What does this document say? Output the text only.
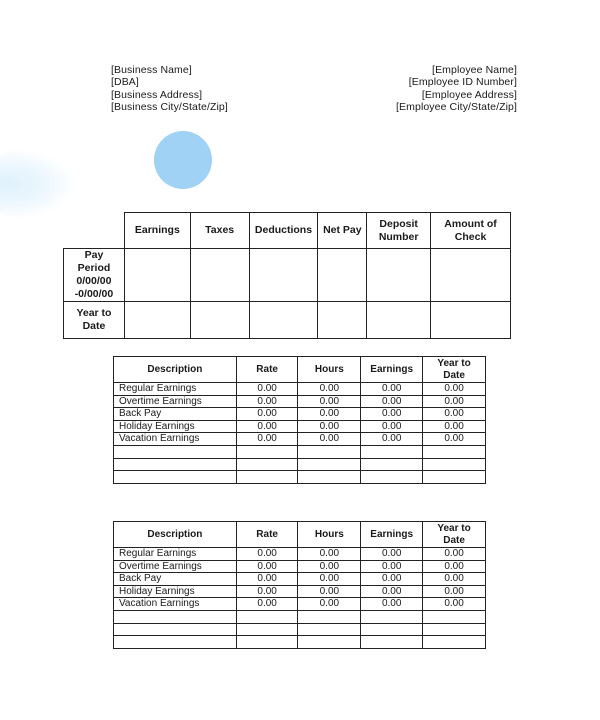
[Business Name]
[DBA]
[Business Address]
[Business City/State/Zip]
[Employee Name]
[Employee ID Number]
[Employee Address]
[Employee City/State/Zip]
	Earnings	Taxes	Deductions	Net Pay	Deposit Number	Amount of Check
Pay Period 0/00/00 -0/00/00						
Year to Date						
Description	Rate	Hours	Earnings	Year to Date
Regular Earnings	0.00	0.00	0.00	0.00
Overtime Earnings	0.00	0.00	0.00	0.00
Back Pay	0.00	0.00	0.00	0.00
Holiday Earnings	0.00	0.00	0.00	0.00
Vacation Earnings	0.00	0.00	0.00	0.00

Description	Rate	Hours	Earnings	Year to Date
Regular Earnings	0.00	0.00	0.00	0.00
Overtime Earnings	0.00	0.00	0.00	0.00
Back Pay	0.00	0.00	0.00	0.00
Holiday Earnings	0.00	0.00	0.00	0.00
Vacation Earnings	0.00	0.00	0.00	0.00
